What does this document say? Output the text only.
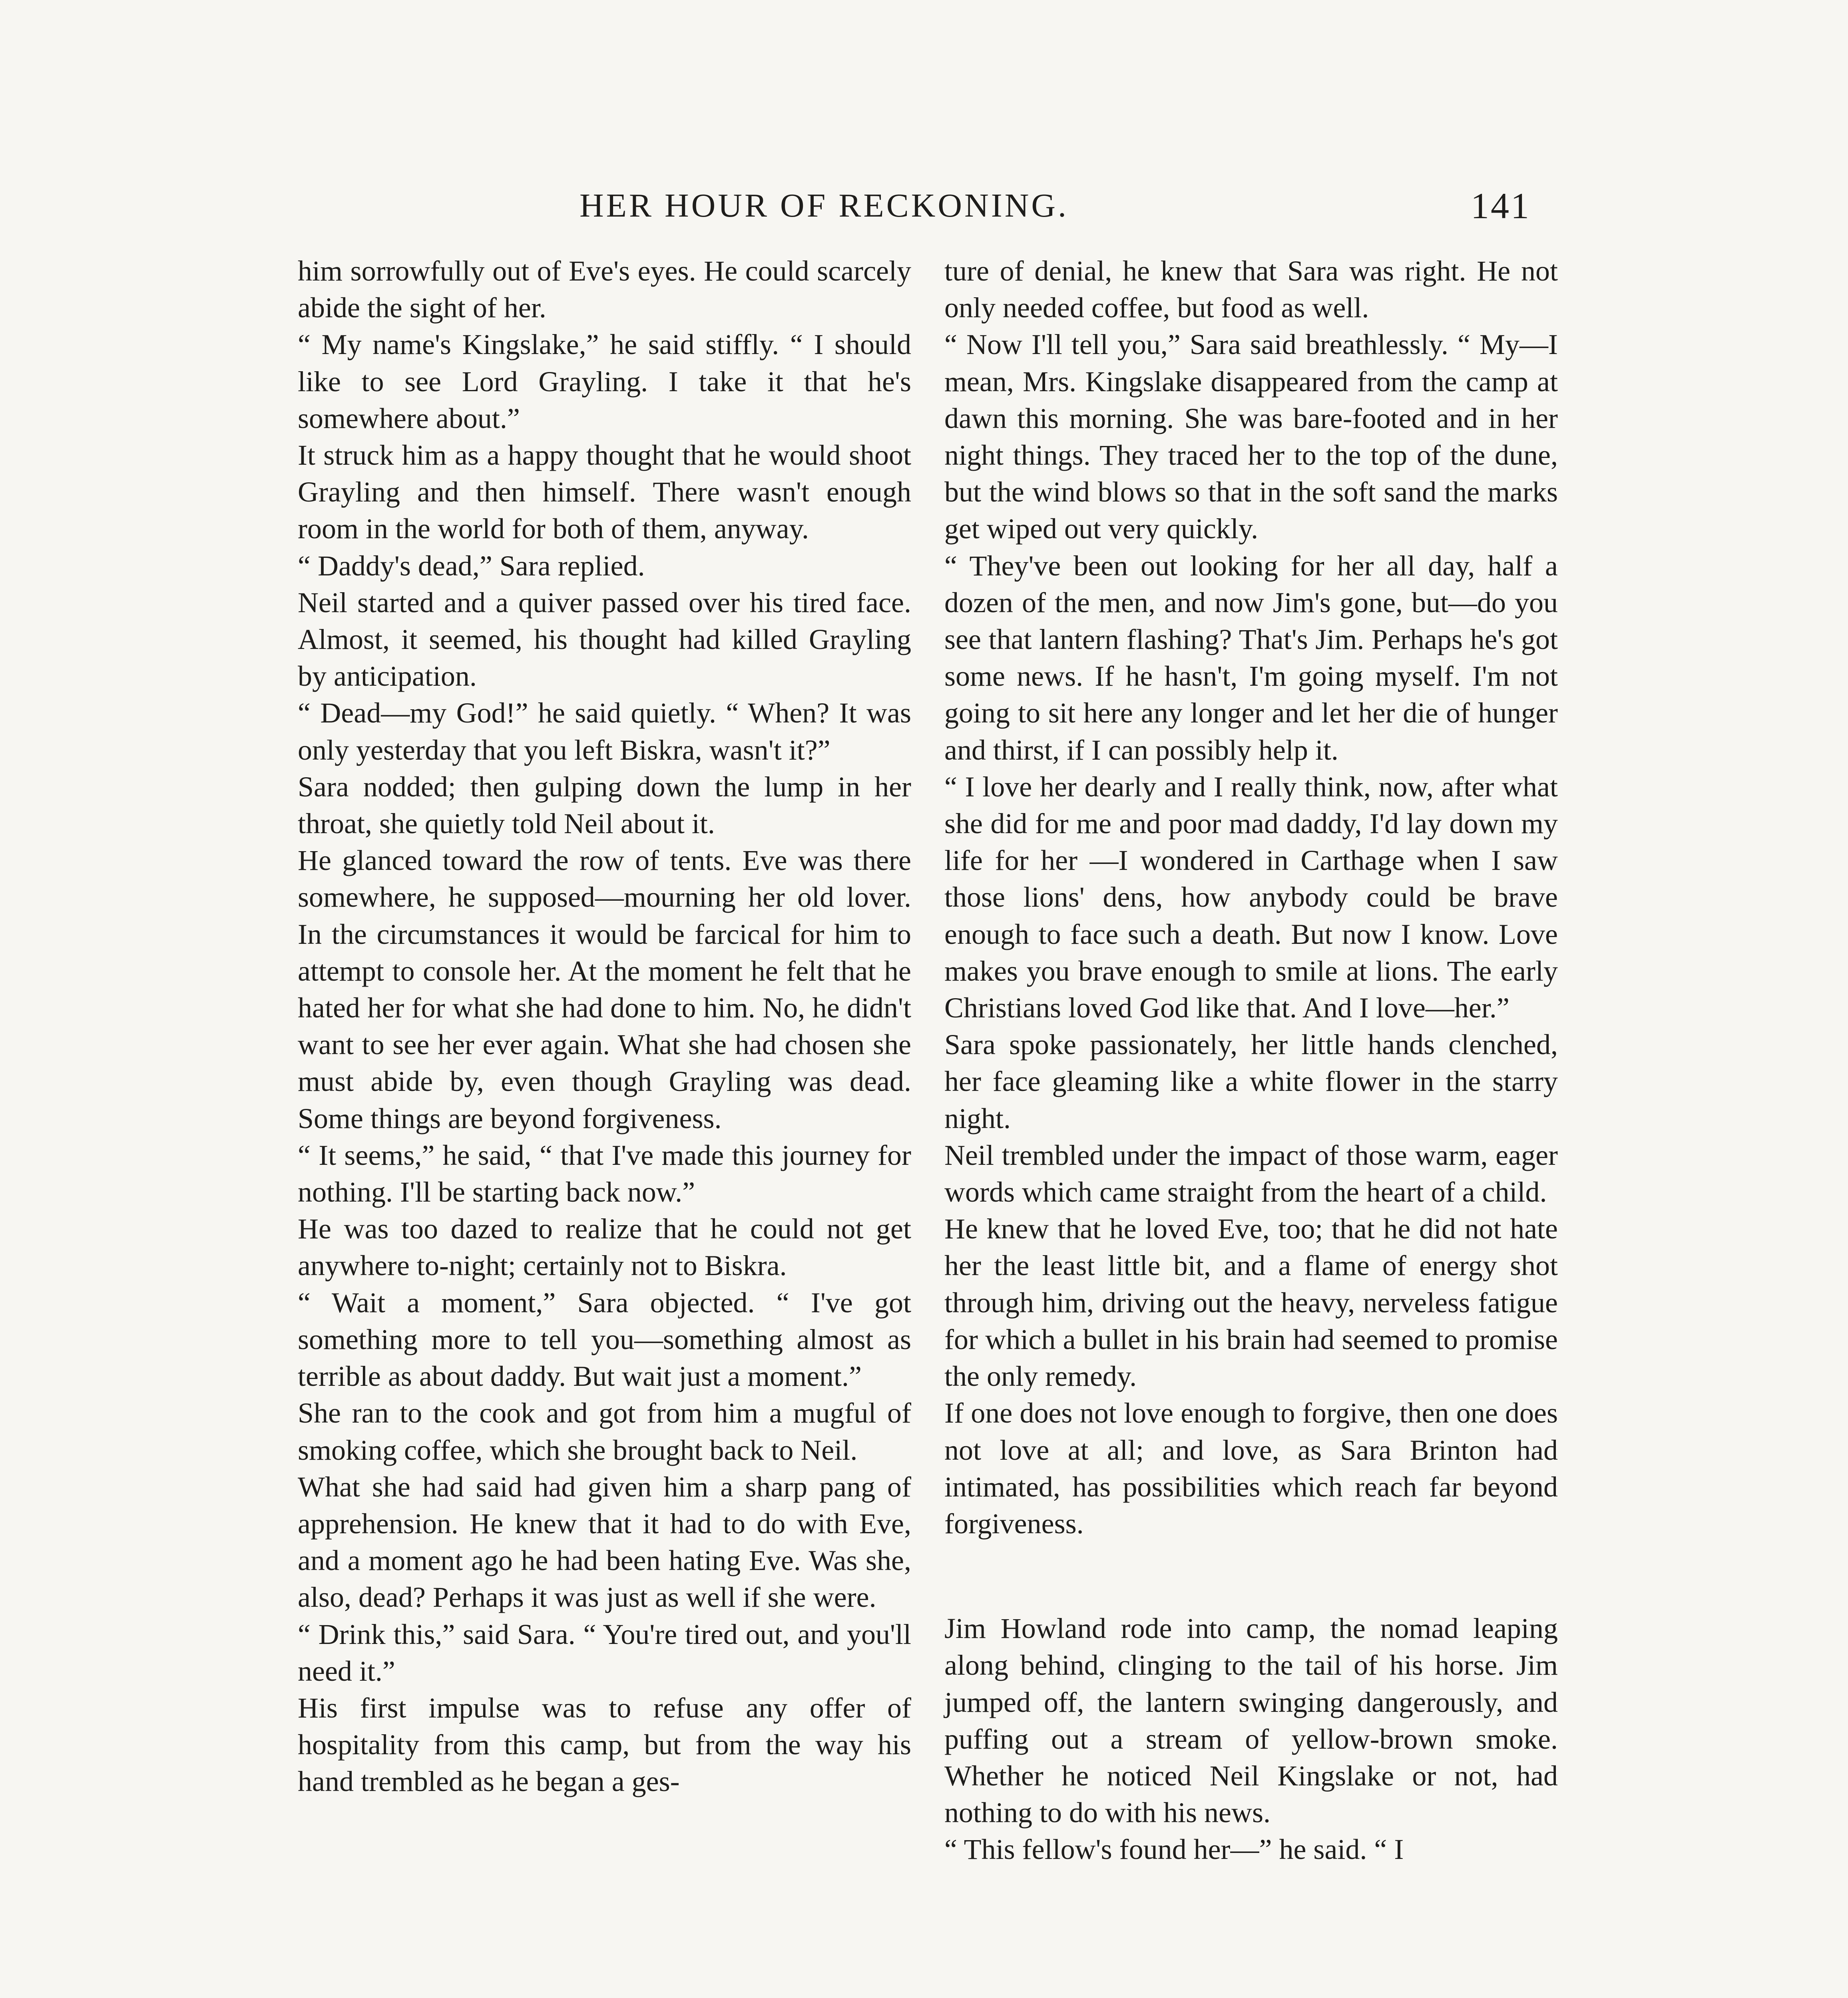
HER HOUR OF RECKONING.	141

him sorrowfully out of Eve's eyes. He could scarcely abide the sight of her.

“ My name's Kingslake,” he said stiffly. “ I should like to see Lord Grayling. I take it that he's somewhere about.”

It struck him as a happy thought that he would shoot Grayling and then himself. There wasn't enough room in the world for both of them, anyway.

“ Daddy's dead,” Sara replied.

Neil started and a quiver passed over his tired face. Almost, it seemed, his thought had killed Grayling by anticipation.

“ Dead—my God!” he said quietly. “ When? It was only yesterday that you left Biskra, wasn't it?”

Sara nodded; then gulping down the lump in her throat, she quietly told Neil about it.

He glanced toward the row of tents. Eve was there somewhere, he supposed—mourning her old lover. In the circumstances it would be farcical for him to attempt to console her. At the moment he felt that he hated her for what she had done to him. No, he didn't want to see her ever again. What she had chosen she must abide by, even though Grayling was dead. Some things are beyond forgiveness.

“ It seems,” he said, “ that I've made this journey for nothing. I'll be starting back now.”

He was too dazed to realize that he could not get anywhere to-night; certainly not to Biskra.

“ Wait a moment,” Sara objected. “ I've got something more to tell you—something almost as terrible as about daddy. But wait just a moment.”

She ran to the cook and got from him a mugful of smoking coffee, which she brought back to Neil.

What she had said had given him a sharp pang of apprehension. He knew that it had to do with Eve, and a moment ago he had been hating Eve. Was she, also, dead? Perhaps it was just as well if she were.

“ Drink this,” said Sara. “ You're tired out, and you'll need it.”

His first impulse was to refuse any offer of hospitality from this camp, but from the way his hand trembled as he began a ges-

ture of denial, he knew that Sara was right. He not only needed coffee, but food as well.

“ Now I'll tell you,” Sara said breathlessly. “ My—I mean, Mrs. Kingslake disappeared from the camp at dawn this morning. She was bare-footed and in her night things. They traced her to the top of the dune, but the wind blows so that in the soft sand the marks get wiped out very quickly.

“ They've been out looking for her all day, half a dozen of the men, and now Jim's gone, but—do you see that lantern flashing? That's Jim. Perhaps he's got some news. If he hasn't, I'm going myself. I'm not going to sit here any longer and let her die of hunger and thirst, if I can possibly help it.

“ I love her dearly and I really think, now, after what she did for me and poor mad daddy, I'd lay down my life for her —I wondered in Carthage when I saw those lions' dens, how anybody could be brave enough to face such a death. But now I know. Love makes you brave enough to smile at lions. The early Christians loved God like that. And I love—her.”

Sara spoke passionately, her little hands clenched, her face gleaming like a white flower in the starry night.

Neil trembled under the impact of those warm, eager words which came straight from the heart of a child.

He knew that he loved Eve, too; that he did not hate her the least little bit, and a flame of energy shot through him, driving out the heavy, nerveless fatigue for which a bullet in his brain had seemed to promise the only remedy.

If one does not love enough to forgive, then one does not love at all; and love, as Sara Brinton had intimated, has possibilities which reach far beyond forgiveness.

Jim Howland rode into camp, the nomad leaping along behind, clinging to the tail of his horse. Jim jumped off, the lantern swinging dangerously, and puffing out a stream of yellow-brown smoke. Whether he noticed Neil Kingslake or not, had nothing to do with his news.

“ This fellow's found her—” he said. “ I
